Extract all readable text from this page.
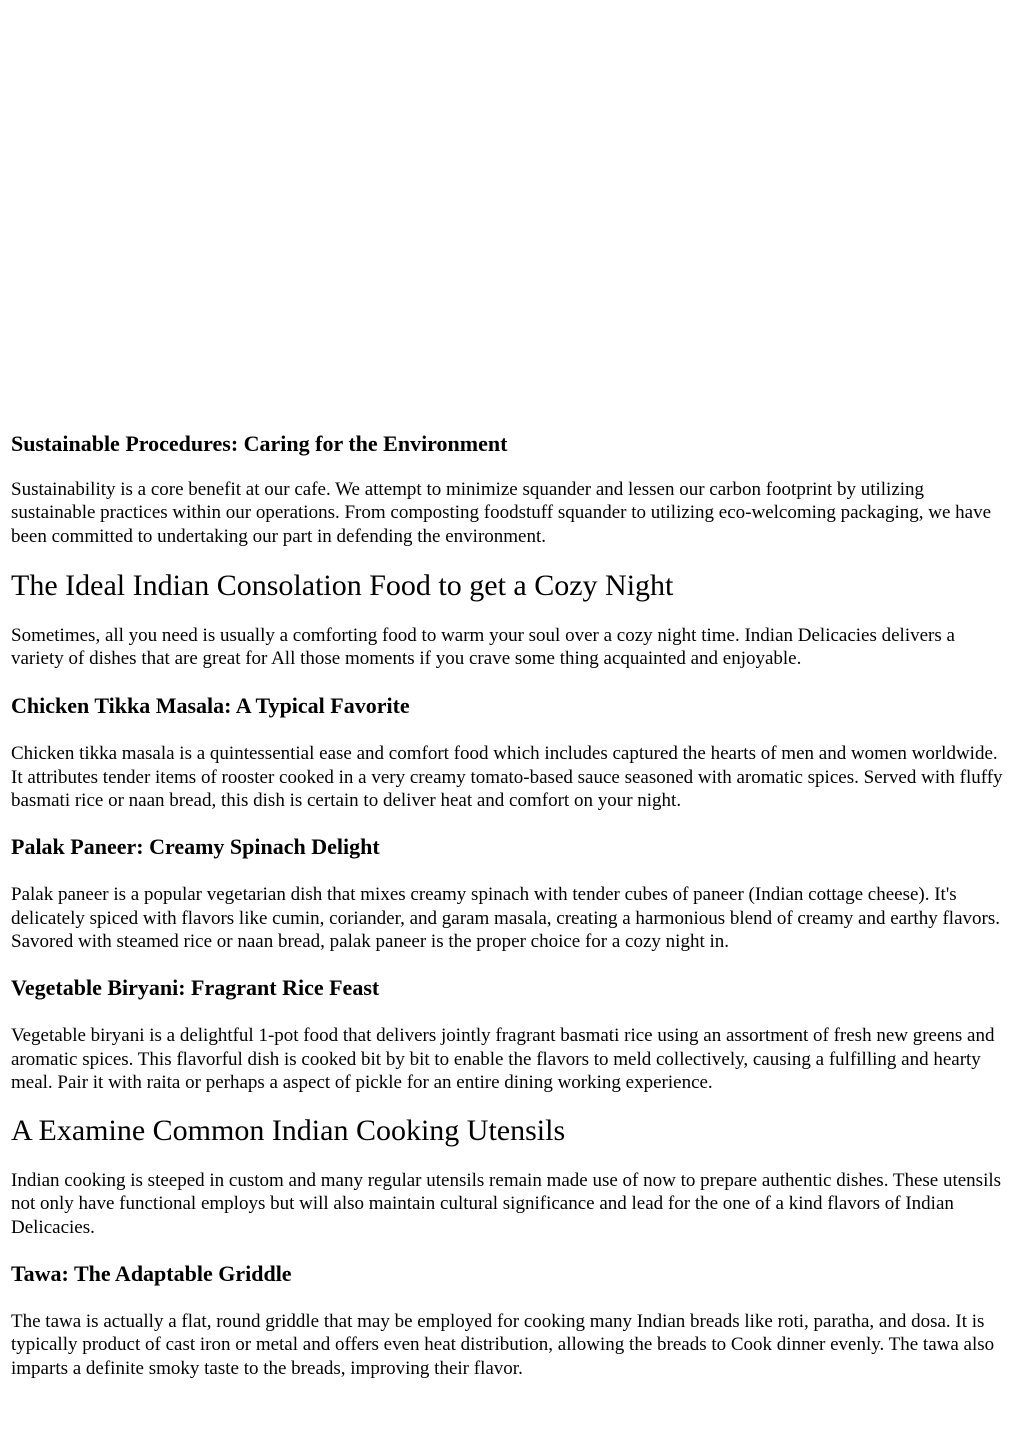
Sustainable Procedures: Caring for the Environment

Sustainability is a core benefit at our cafe. We attempt to minimize squander and lessen our carbon footprint by utilizing sustainable practices within our operations. From composting foodstuff squander to utilizing eco-welcoming packaging, we have been committed to undertaking our part in defending the environment.

The Ideal Indian Consolation Food to get a Cozy Night

Sometimes, all you need is usually a comforting food to warm your soul over a cozy night time. Indian Delicacies delivers a variety of dishes that are great for All those moments if you crave some thing acquainted and enjoyable.

Chicken Tikka Masala: A Typical Favorite

Chicken tikka masala is a quintessential ease and comfort food which includes captured the hearts of men and women worldwide. It attributes tender items of rooster cooked in a very creamy tomato-based sauce seasoned with aromatic spices. Served with fluffy basmati rice or naan bread, this dish is certain to deliver heat and comfort on your night.

Palak Paneer: Creamy Spinach Delight

Palak paneer is a popular vegetarian dish that mixes creamy spinach with tender cubes of paneer (Indian cottage cheese). It's delicately spiced with flavors like cumin, coriander, and garam masala, creating a harmonious blend of creamy and earthy flavors. Savored with steamed rice or naan bread, palak paneer is the proper choice for a cozy night in.

Vegetable Biryani: Fragrant Rice Feast

Vegetable biryani is a delightful 1-pot food that delivers jointly fragrant basmati rice using an assortment of fresh new greens and aromatic spices. This flavorful dish is cooked bit by bit to enable the flavors to meld collectively, causing a fulfilling and hearty meal. Pair it with raita or perhaps a aspect of pickle for an entire dining working experience.

A Examine Common Indian Cooking Utensils

Indian cooking is steeped in custom and many regular utensils remain made use of now to prepare authentic dishes. These utensils not only have functional employs but will also maintain cultural significance and lead for the one of a kind flavors of Indian Delicacies.

Tawa: The Adaptable Griddle

The tawa is actually a flat, round griddle that may be employed for cooking many Indian breads like roti, paratha, and dosa. It is typically product of cast iron or metal and offers even heat distribution, allowing the breads to Cook dinner evenly. The tawa also imparts a definite smoky taste to the breads, improving their flavor.
